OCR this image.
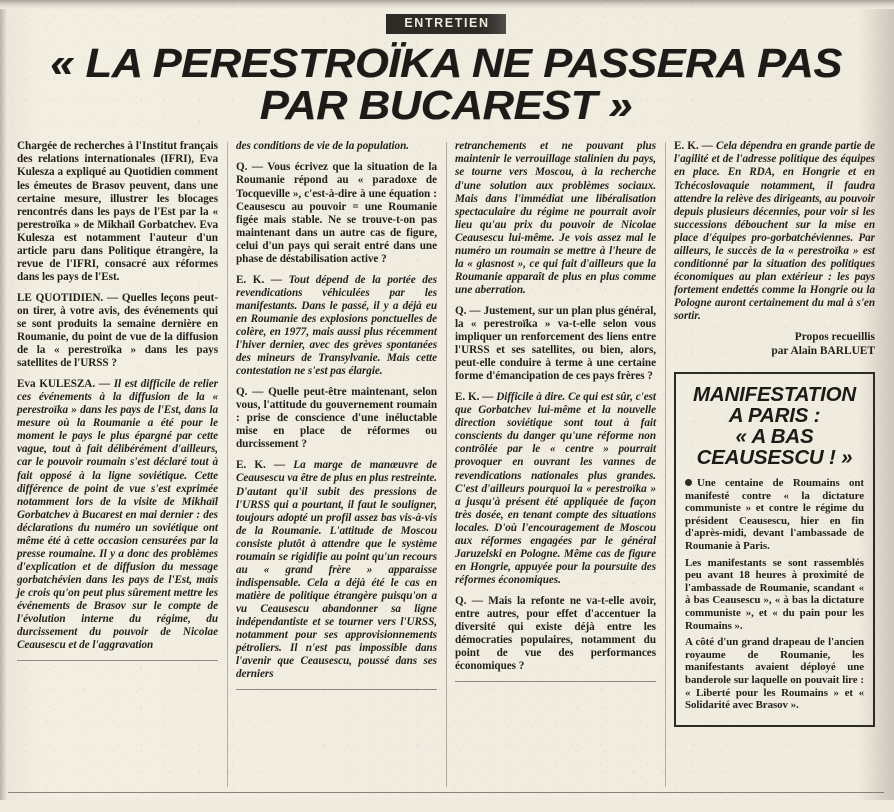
ENTRETIEN
« LA PERESTROÏKA NE PASSERA PAS
PAR BUCAREST »

Chargée de recherches à l'Institut français des relations internationales (IFRI), Eva Kulesza a expliqué au Quotidien comment les émeutes de Brasov peuvent, dans une certaine mesure, illustrer les blocages rencontrés dans les pays de l'Est par la « perestroïka » de Mikhaïl Gorbatchev. Eva Kulesza est notamment l'auteur d'un article paru dans Politique étrangère, la revue de l'IFRI, consacré aux réformes dans les pays de l'Est.

LE QUOTIDIEN. — Quelles leçons peut-on tirer, à votre avis, des événements qui se sont produits la semaine dernière en Roumanie, du point de vue de la diffusion de la « perestroïka » dans les pays satellites de l'URSS ?

Eva KULESZA. — Il est difficile de relier ces événements à la diffusion de la « perestroïka » dans les pays de l'Est, dans la mesure où la Roumanie a été pour le moment le pays le plus épargné par cette vague, tout à fait délibérément d'ailleurs, car le pouvoir roumain s'est déclaré tout à fait opposé à la ligne soviétique. Cette différence de point de vue s'est exprimée notamment lors de la visite de Mikhaïl Gorbatchev à Bucarest en mai dernier : des déclarations du numéro un soviétique ont même été à cette occasion censurées par la presse roumaine. Il y a donc des problèmes d'explication et de diffusion du message gorbatchévien dans les pays de l'Est, mais je crois qu'on peut plus sûrement mettre les événements de Brasov sur le compte de l'évolution interne du régime, du durcissement du pouvoir de Nicolae Ceausescu et de l'aggravation

des conditions de vie de la population.

Q. — Vous écrivez que la situation de la Roumanie répond au « paradoxe de Tocqueville », c'est-à-dire à une équation : Ceausescu au pouvoir = une Roumanie figée mais stable. Ne se trouve-t-on pas maintenant dans un autre cas de figure, celui d'un pays qui serait entré dans une phase de déstabilisation active ?

E. K. — Tout dépend de la portée des revendications véhiculées par les manifestants. Dans le passé, il y a déjà eu en Roumanie des explosions ponctuelles de colère, en 1977, mais aussi plus récemment l'hiver dernier, avec des grèves spontanées des mineurs de Transylvanie. Mais cette contestation ne s'est pas élargie.

Q. — Quelle peut-être maintenant, selon vous, l'attitude du gouvernement roumain : prise de conscience d'une inéluctable mise en place de réformes ou durcissement ?

E. K. — La marge de manœuvre de Ceausescu va être de plus en plus restreinte. D'autant qu'il subit des pressions de l'URSS qui a pourtant, il faut le souligner, toujours adopté un profil assez bas vis-à-vis de la Roumanie. L'attitude de Moscou consiste plutôt à attendre que le système roumain se rigidifie au point qu'un recours au « grand frère » apparaisse indispensable. Cela a déjà été le cas en matière de politique étrangère puisqu'on a vu Ceausescu abandonner sa ligne indépendantiste et se tourner vers l'URSS, notamment pour ses approvisionnements pétroliers. Il n'est pas impossible dans l'avenir que Ceausescu, poussé dans ses derniers

retranchements et ne pouvant plus maintenir le verrouillage stalinien du pays, se tourne vers Moscou, à la recherche d'une solution aux problèmes sociaux. Mais dans l'immédiat une libéralisation spectaculaire du régime ne pourrait avoir lieu qu'au prix du pouvoir de Nicolae Ceausescu lui-même. Je vois assez mal le numéro un roumain se mettre à l'heure de la « glasnost », ce qui fait d'ailleurs que la Roumanie apparaît de plus en plus comme une aberration.

Q. — Justement, sur un plan plus général, la « perestroïka » va-t-elle selon vous impliquer un renforcement des liens entre l'URSS et ses satellites, ou bien, alors, peut-elle conduire à terme à une certaine forme d'émancipation de ces pays frères ?

E. K. — Difficile à dire. Ce qui est sûr, c'est que Gorbatchev lui-même et la nouvelle direction soviétique sont tout à fait conscients du danger qu'une réforme non contrôlée par le « centre » pourrait provoquer en ouvrant les vannes de revendications nationales plus grandes. C'est d'ailleurs pourquoi la « perestroïka » a jusqu'à présent été appliquée de façon très dosée, en tenant compte des situations locales. D'où l'encouragement de Moscou aux réformes engagées par le général Jaruzelski en Pologne. Même cas de figure en Hongrie, appuyée pour la poursuite des réformes économiques.

Q. — Mais la refonte ne va-t-elle avoir, entre autres, pour effet d'accentuer la diversité qui existe déjà entre les démocraties populaires, notamment du point de vue des performances économiques ?

E. K. — Cela dépendra en grande partie de l'agilité et de l'adresse politique des équipes en place. En RDA, en Hongrie et en Tchécoslovaquie notamment, il faudra attendre la relève des dirigeants, au pouvoir depuis plusieurs décennies, pour voir si les successions débouchent sur la mise en place d'équipes pro-gorbatchéviennes. Par ailleurs, le succès de la « perestroïka » est conditionné par la situation des politiques économiques au plan extérieur : les pays fortement endettés comme la Hongrie ou la Pologne auront certainement du mal à s'en sortir.

Propos recueillis
par Alain BARLUET
MANIFESTATION
A PARIS :
« A BAS
CEAUSESCU ! »

Une centaine de Roumains ont manifesté contre « la dictature communiste » et contre le régime du président Ceausescu, hier en fin d'après-midi, devant l'ambassade de Roumanie à Paris.

Les manifestants se sont rassemblés peu avant 18 heures à proximité de l'ambassade de Roumanie, scandant « à bas Ceausescu », « à bas la dictature communiste », et « du pain pour les Roumains ».

A côté d'un grand drapeau de l'ancien royaume de Roumanie, les manifestants avaient déployé une banderole sur laquelle on pouvait lire : « Liberté pour les Roumains » et « Solidarité avec Brasov ».
